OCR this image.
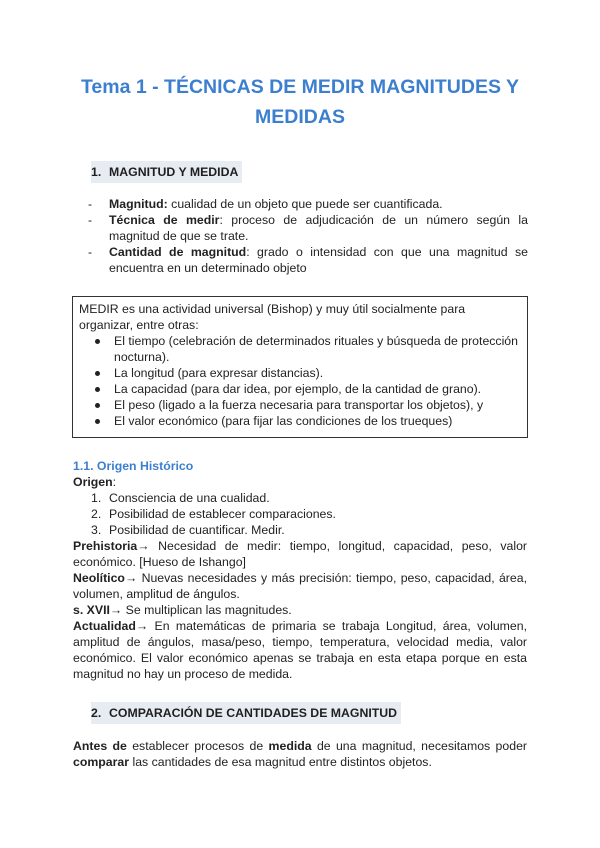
Tema 1 - TÉCNICAS DE MEDIR MAGNITUDES Y MEDIDAS
1. MAGNITUD Y MEDIDA
- Magnitud: cualidad de un objeto que puede ser cuantificada.
- Técnica de medir: proceso de adjudicación de un número según la magnitud de que se trate.
- Cantidad de magnitud: grado o intensidad con que una magnitud se encuentra en un determinado objeto

MEDIR es una actividad universal (Bishop) y muy útil socialmente para organizar, entre otras:

El tiempo (celebración de determinados rituales y búsqueda de protección nocturna).
La longitud (para expresar distancias).
La capacidad (para dar idea, por ejemplo, de la cantidad de grano).
El peso (ligado a la fuerza necesaria para transportar los objetos), y
El valor económico (para fijar las condiciones de los trueques)
1.1. Origen Histórico
Origen:
1. Consciencia de una cualidad.
2. Posibilidad de establecer comparaciones.
3. Posibilidad de cuantificar. Medir.

Prehistoria→ Necesidad de medir: tiempo, longitud, capacidad, peso, valor económico. [Hueso de Ishango]

Neolítico→ Nuevas necesidades y más precisión: tiempo, peso, capacidad, área, volumen, amplitud de ángulos.

s. XVII→ Se multiplican las magnitudes.

Actualidad→ En matemáticas de primaria se trabaja Longitud, área, volumen, amplitud de ángulos, masa/peso, tiempo, temperatura, velocidad media, valor económico. El valor económico apenas se trabaja en esta etapa porque en esta magnitud no hay un proceso de medida.

2. COMPARACIÓN DE CANTIDADES DE MAGNITUD

Antes de establecer procesos de medida de una magnitud, necesitamos poder comparar las cantidades de esa magnitud entre distintos objetos.
